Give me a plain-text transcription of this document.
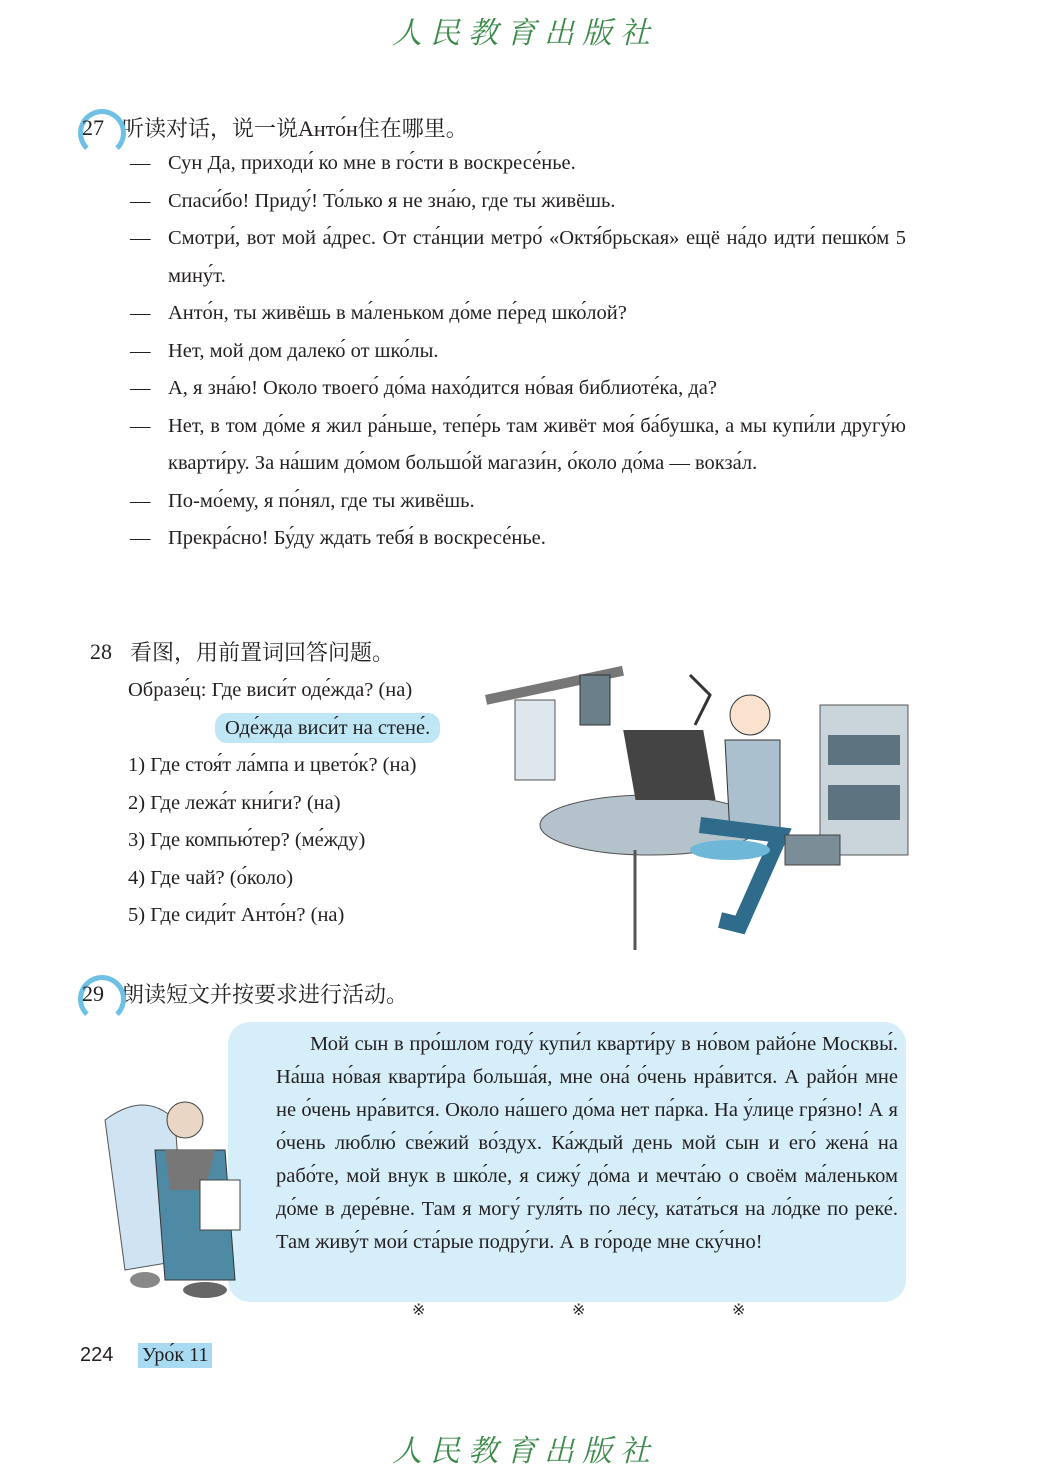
人民教育出版社
27 听读对话，说一说Анто́н住在哪里。
— Сун Да, приходи́ ко мне в го́сти в воскресе́нье.
— Спаси́бо! Приду́! То́лько я не зна́ю, где ты живёшь.
— Смотри́, вот мой а́дрес. От ста́нции метро́ «Октя́брьская» ещё на́до идти́ пешко́м 5 мину́т.
— Анто́н, ты живёшь в ма́леньком до́ме пе́ред шко́лой?
— Нет, мой дом далеко́ от шко́лы.
— А, я зна́ю! Около твоего́ до́ма нахо́дится но́вая библиоте́ка, да?
— Нет, в том до́ме я жил ра́ньше, тепе́рь там живёт моя́ ба́бушка, а мы купи́ли другу́ю кварти́ру. За на́шим до́мом большо́й магази́н, о́коло до́ма — вокза́л.
— По-мо́ему, я по́нял, где ты живёшь.
— Прекра́сно! Бу́ду ждать тебя́ в воскресе́нье.
28 看图，用前置词回答问题。
Образе́ц: Где виси́т оде́жда? (на)
Оде́жда виси́т на стене́.
1) Где стоя́т ла́мпа и цвето́к? (на)
2) Где лежа́т кни́ги? (на)
3) Где компью́тер? (ме́жду)
4) Где чай? (о́коло)
5) Где сиди́т Анто́н? (на)
29 朗读短文并按要求进行活动。
Мой сын в про́шлом году́ купи́л кварти́ру в но́вом райо́не Москвы́. На́ша но́вая кварти́ра больша́я, мне она́ о́чень нра́вится. А райо́н мне не о́чень нра́вится. Около на́шего до́ма нет па́рка. На у́лице гря́зно! А я о́чень люблю́ све́жий во́здух. Ка́ждый день мой сын и его́ жена́ на рабо́те, мой внук в шко́ле, я сижу́ до́ма и мечта́ю о своём ма́леньком до́ме в дере́вне. Там я могу́ гуля́ть по ле́су, ката́ться на ло́дке по реке́. Там живу́т мои́ ста́рые подру́ги. А в го́роде мне ску́чно!
※	※	※
224 Уро́к 11
人民教育出版社
